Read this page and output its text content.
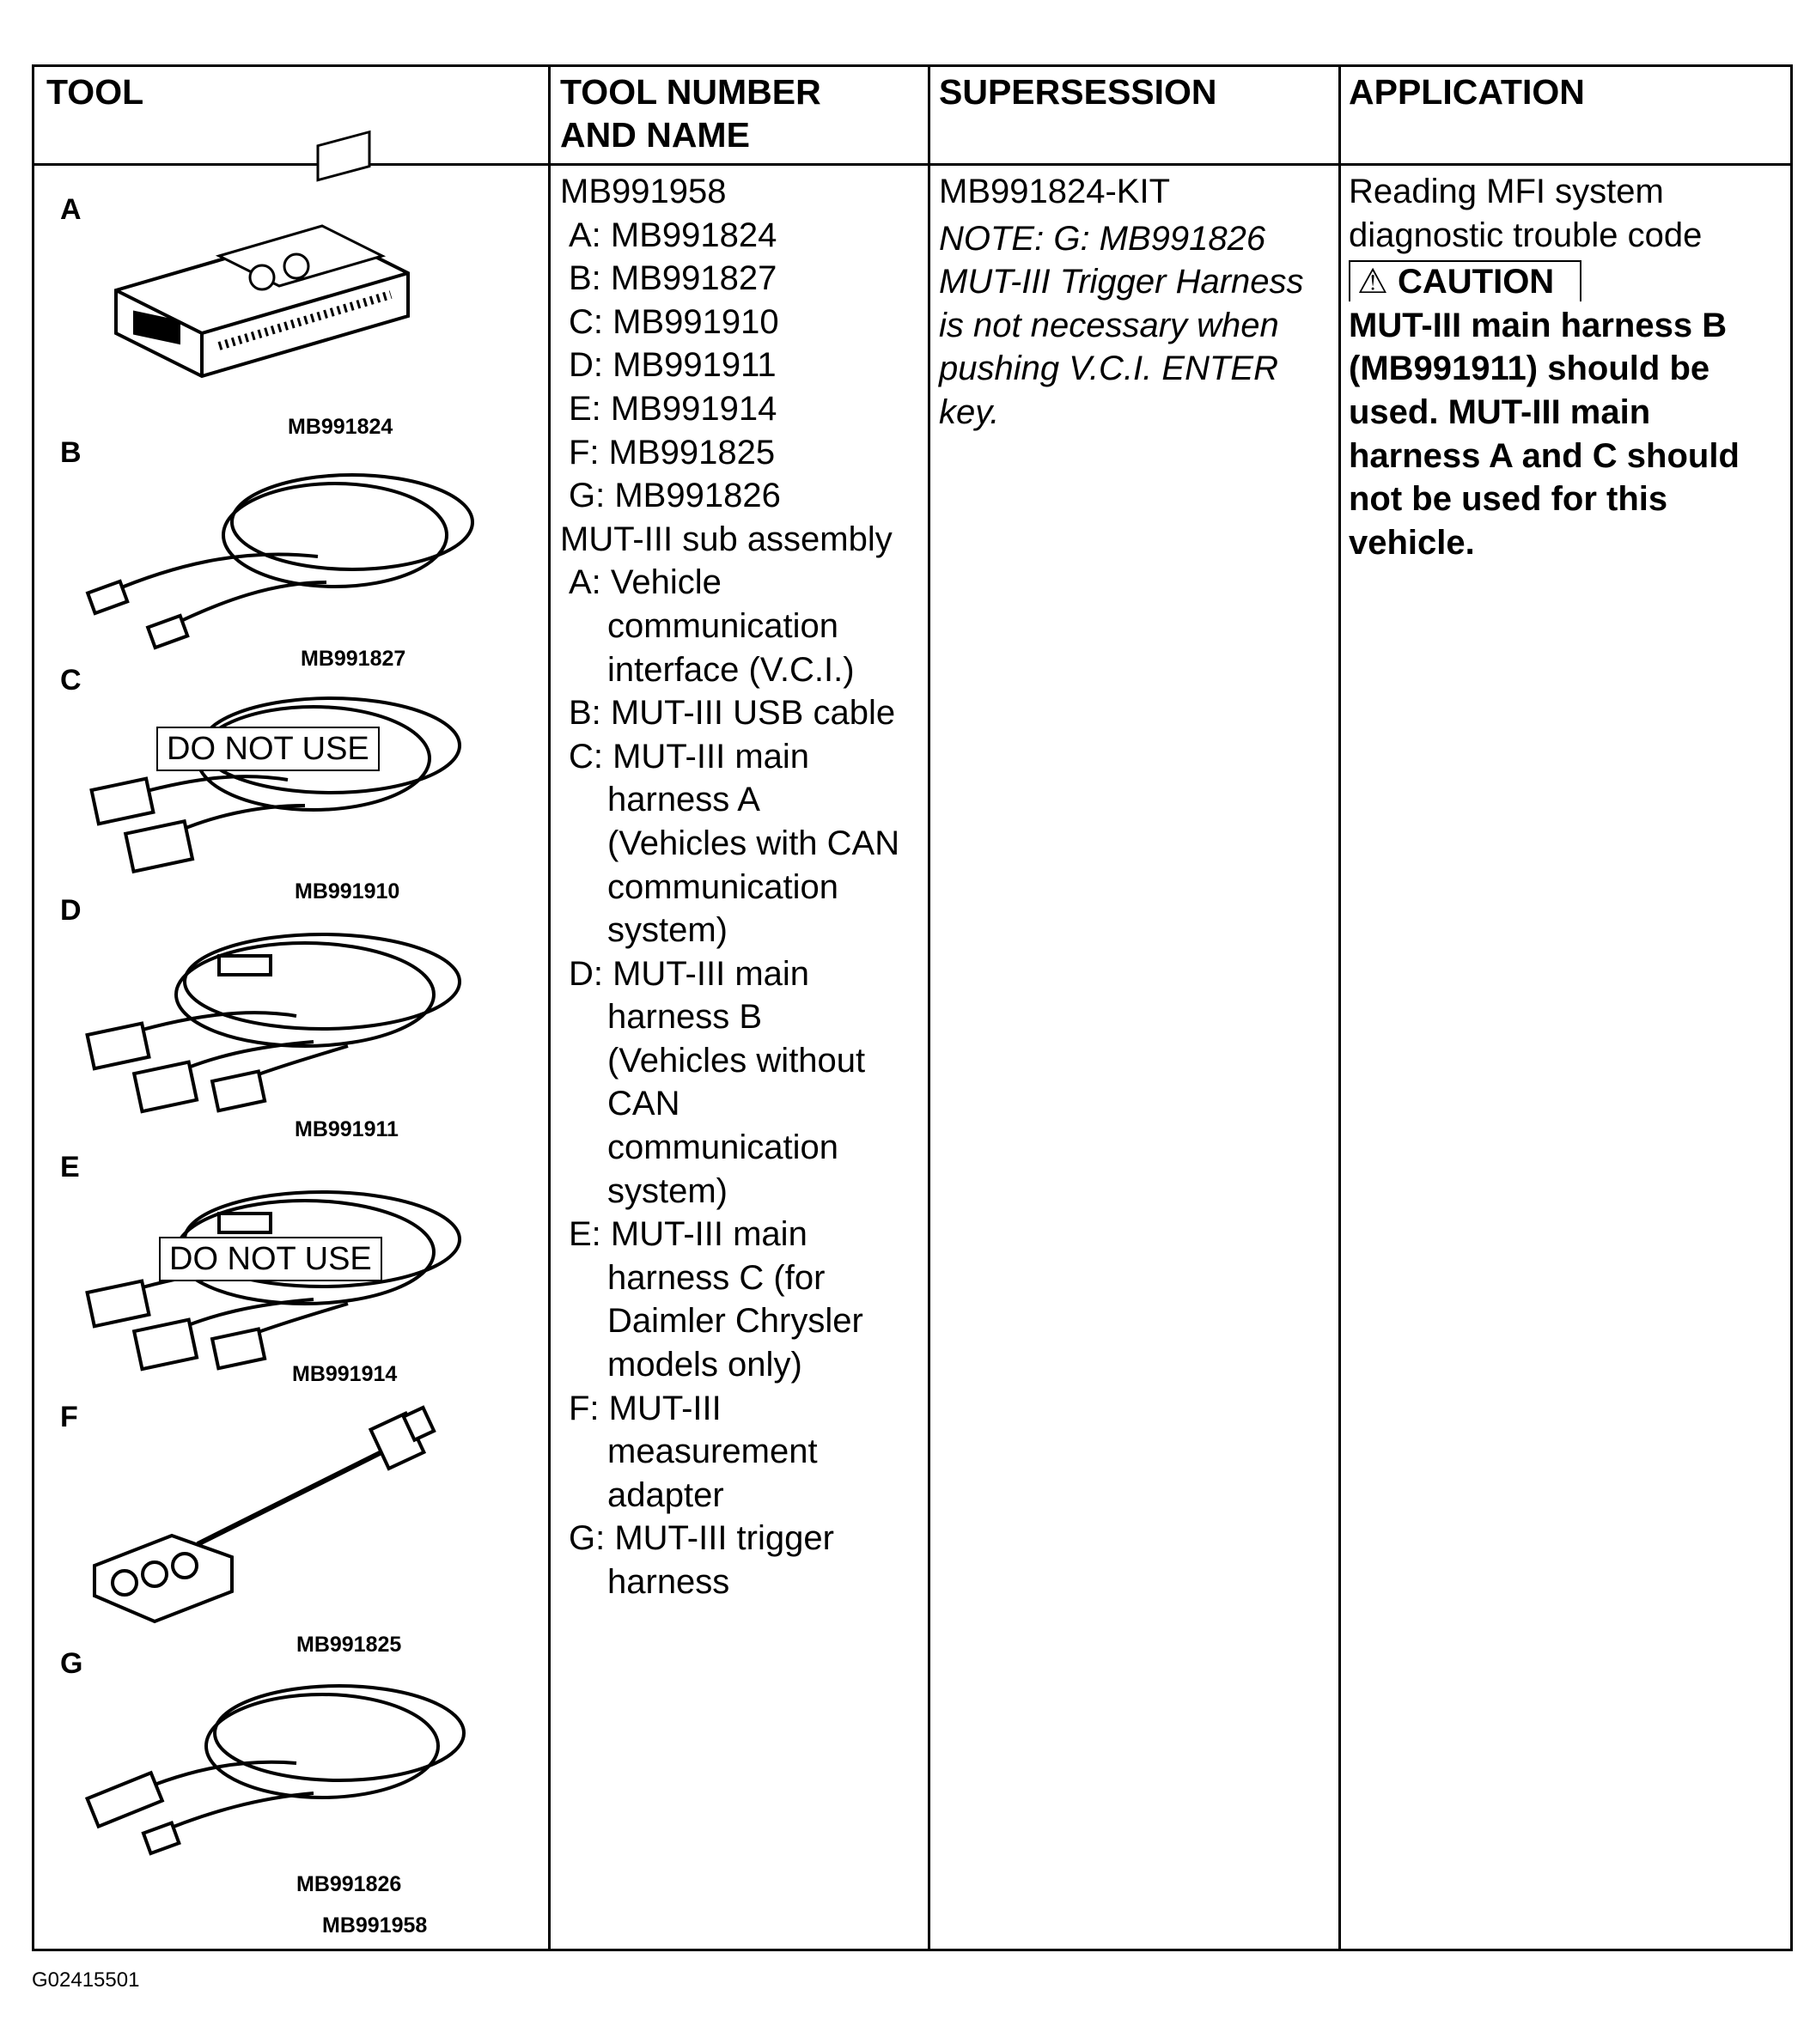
TOOL	TOOL NUMBER
AND NAME
SUPERSESSION	APPLICATION
MB991958
A: MB991824
B: MB991827
C: MB991910
D: MB991911
E: MB991914
F: MB991825
G: MB991826
MUT-III sub assembly
A: Vehicle
communication
interface (V.C.I.)
B: MUT-III USB cable
C: MUT-III main
harness A
(Vehicles with CAN
communication
system)
D: MUT-III main
harness B
(Vehicles without
CAN
communication
system)
E: MUT-III main
harness C (for
Daimler Chrysler
models only)
F: MUT-III
measurement
adapter
G: MUT-III trigger
harness
MB991824-KIT
NOTE: G: MB991826
MUT-III Trigger Harness
is not necessary when
pushing V.C.I. ENTER
key.
Reading MFI system
diagnostic trouble code
⚠ CAUTION
MUT-III main harness B
(MB991911) should be
used. MUT-III main
harness A and C should
not be used for this
vehicle.
A
MB991824
B
MB991827
C
DO NOT USE
MB991910
D
MB991911
E
DO NOT USE
MB991914
F
MB991825
G
MB991826
MB991958
G02415501
